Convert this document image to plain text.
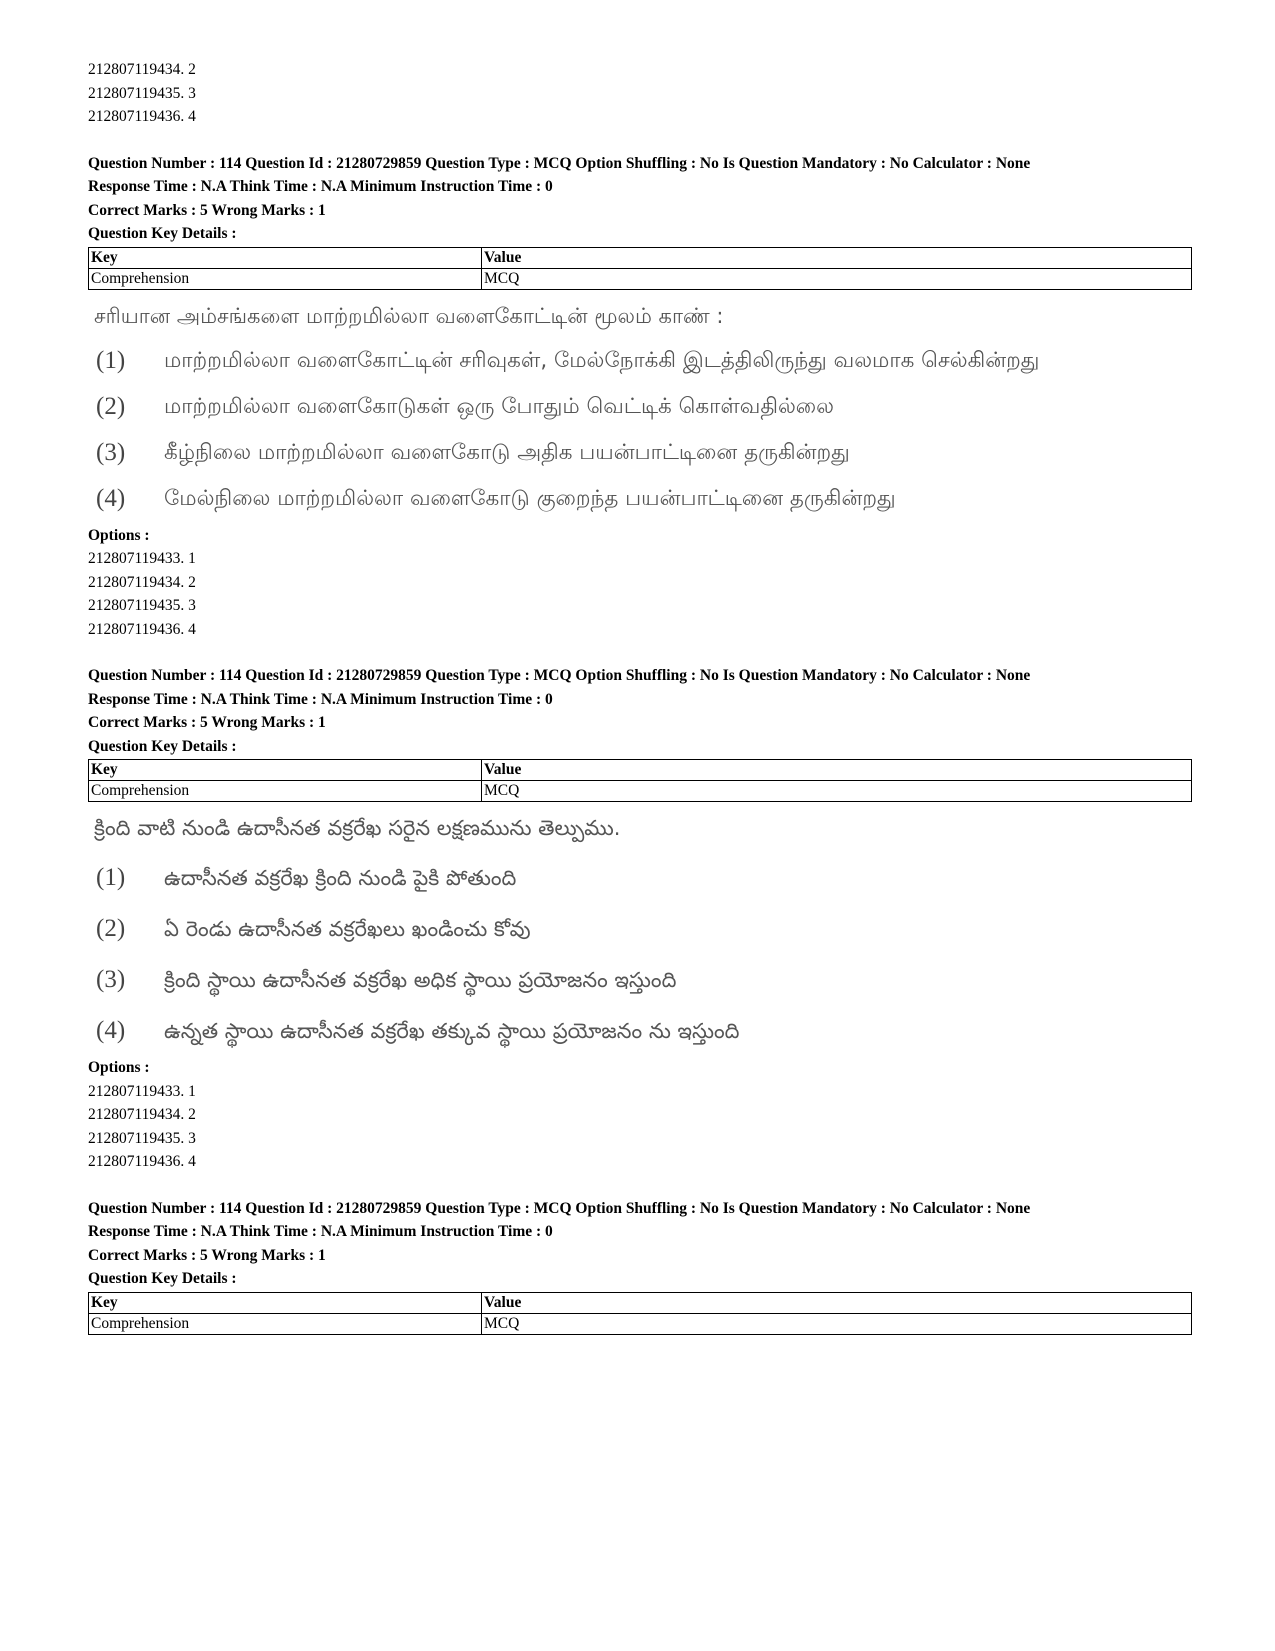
212807119434. 2
212807119435. 3
212807119436. 4
Question Number : 114 Question Id : 21280729859 Question Type : MCQ Option Shuffling : No Is Question Mandatory : No Calculator : None
Response Time : N.A Think Time : N.A Minimum Instruction Time : 0
Correct Marks : 5 Wrong Marks : 1
Question Key Details :
Key	Value
Comprehension	MCQ
சரியான அம்சங்களை மாற்றமில்லா வளைகோட்டின் மூலம் காண் :
(1)	மாற்றமில்லா வளைகோட்டின் சரிவுகள், மேல்நோக்கி இடத்திலிருந்து வலமாக செல்கின்றது
(2)	மாற்றமில்லா வளைகோடுகள் ஒரு போதும் வெட்டிக் கொள்வதில்லை
(3)	கீழ்நிலை மாற்றமில்லா வளைகோடு அதிக பயன்பாட்டினை தருகின்றது
(4)	மேல்நிலை மாற்றமில்லா வளைகோடு குறைந்த பயன்பாட்டினை தருகின்றது
Options :
212807119433. 1
212807119434. 2
212807119435. 3
212807119436. 4
Question Number : 114 Question Id : 21280729859 Question Type : MCQ Option Shuffling : No Is Question Mandatory : No Calculator : None
Response Time : N.A Think Time : N.A Minimum Instruction Time : 0
Correct Marks : 5 Wrong Marks : 1
Question Key Details :
Key	Value
Comprehension	MCQ
క్రింది వాటి నుండి ఉదాసీనత వక్రరేఖ సరైన లక్షణమును తెల్పుము.
(1)	ఉదాసీనత వక్రరేఖ క్రింది నుండి పైకి పోతుంది
(2)	ఏ రెండు ఉదాసీనత వక్రరేఖలు ఖండించు కోవు
(3)	క్రింది స్థాయి ఉదాసీనత వక్రరేఖ అధిక స్థాయి ప్రయోజనం ఇస్తుంది
(4)	ఉన్నత స్థాయి ఉదాసీనత వక్రరేఖ తక్కువ స్థాయి ప్రయోజనం ను ఇస్తుంది
Options :
212807119433. 1
212807119434. 2
212807119435. 3
212807119436. 4
Question Number : 114 Question Id : 21280729859 Question Type : MCQ Option Shuffling : No Is Question Mandatory : No Calculator : None
Response Time : N.A Think Time : N.A Minimum Instruction Time : 0
Correct Marks : 5 Wrong Marks : 1
Question Key Details :
Key	Value
Comprehension	MCQ
